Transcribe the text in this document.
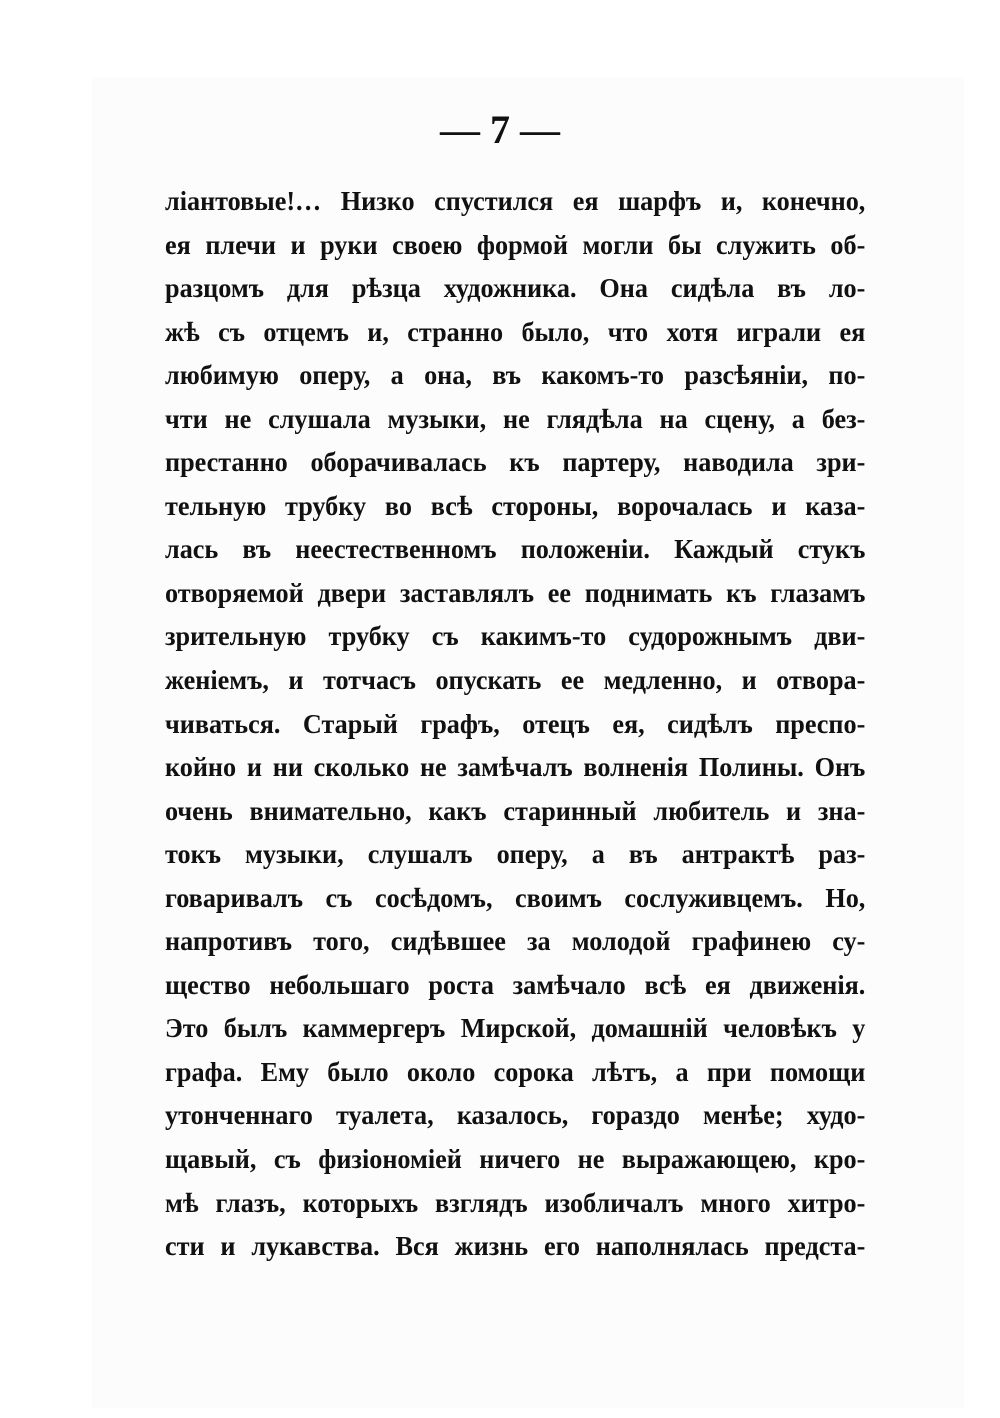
— 7 —
лiантовые!… Низко спустился ея шарфъ и, конечно,
ея плечи и руки своею формой могли бы служить об-
разцомъ для рѣзца художника. Она сидѣла въ ло-
жѣ съ отцемъ и, странно было, что хотя играли ея
любимую оперу, а она, въ какомъ-то разсѣянiи, по-
чти не слушала музыки, не глядѣла на сцену, а без-
престанно оборачивалась къ партеру, наводила зри-
тельную трубку во всѣ стороны, ворочалась и каза-
лась въ неестественномъ положенiи. Каждый стукъ
отворяемой двери заставлялъ ее поднимать къ глазамъ
зрительную трубку съ какимъ-то судорожнымъ дви-
женiемъ, и тотчасъ опускать ее медленно, и отвора-
чиваться. Старый графъ, отецъ ея, сидѣлъ преспо-
койно и ни сколько не замѣчалъ волненiя Полины. Онъ
очень внимательно, какъ старинный любитель и зна-
токъ музыки, слушалъ оперу, а въ антрактѣ раз-
говаривалъ съ сосѣдомъ, своимъ сослуживцемъ. Но,
напротивъ того, сидѣвшее за молодой графинею су-
щество небольшаго роста замѣчало всѣ ея движенiя.
Это былъ каммергеръ Мирской, домашнiй человѣкъ у
графа. Ему было около сорока лѣтъ, а при помощи
утонченнаго туалета, казалось, гораздо менѣе; худо-
щавый, съ физiономiей ничего не выражающею, кро-
мѣ глазъ, которыхъ взглядъ изобличалъ много хитро-
сти и лукавства. Вся жизнь его наполнялась предста-
